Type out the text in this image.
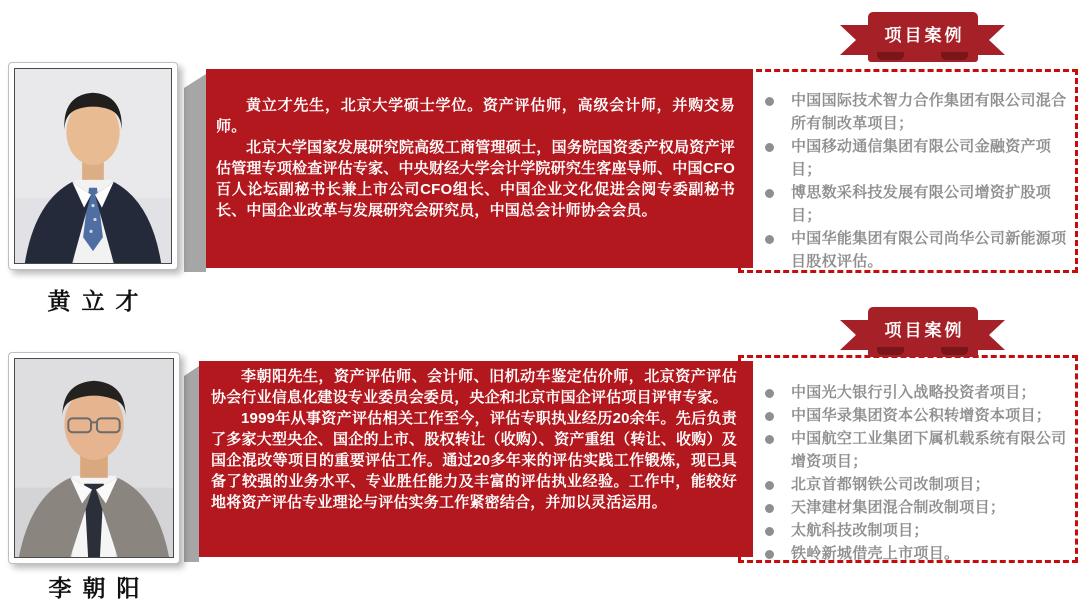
中国国际技术智力合作集团有限公司混合所有制改革项目；
中国移动通信集团有限公司金融资产项目；
博思数采科技发展有限公司增资扩股项目；
中国华能集团有限公司尚华公司新能源项目股权评估。

黄立才先生，北京大学硕士学位。资产评估师，高级会计师，并购交易师。

北京大学国家发展研究院高级工商管理硕士，国务院国资委产权局资产评估管理专项检查评估专家、中央财经大学会计学院研究生客座导师、中国CFO百人论坛副秘书长兼上市公司CFO组长、中国企业文化促进会阅专委副秘书长、中国企业改革与发展研究会研究员，中国总会计师协会会员。

项目案例
黄立才
中国光大银行引入战略投资者项目；
中国华录集团资本公积转增资本项目；
中国航空工业集团下属机载系统有限公司增资项目；
北京首都钢铁公司改制项目；
天津建材集团混合制改制项目；
太航科技改制项目；
铁岭新城借壳上市项目。

李朝阳先生，资产评估师、会计师、旧机动车鉴定估价师，北京资产评估协会行业信息化建设专业委员会委员，央企和北京市国企评估项目评审专家。

1999年从事资产评估相关工作至今，评估专职执业经历20余年。先后负责了多家大型央企、国企的上市、股权转让（收购）、资产重组（转让、收购）及国企混改等项目的重要评估工作。通过20多年来的评估实践工作锻炼，现已具备了较强的业务水平、专业胜任能力及丰富的评估执业经验。工作中，能较好地将资产评估专业理论与评估实务工作紧密结合，并加以灵活运用。

项目案例
李朝阳
